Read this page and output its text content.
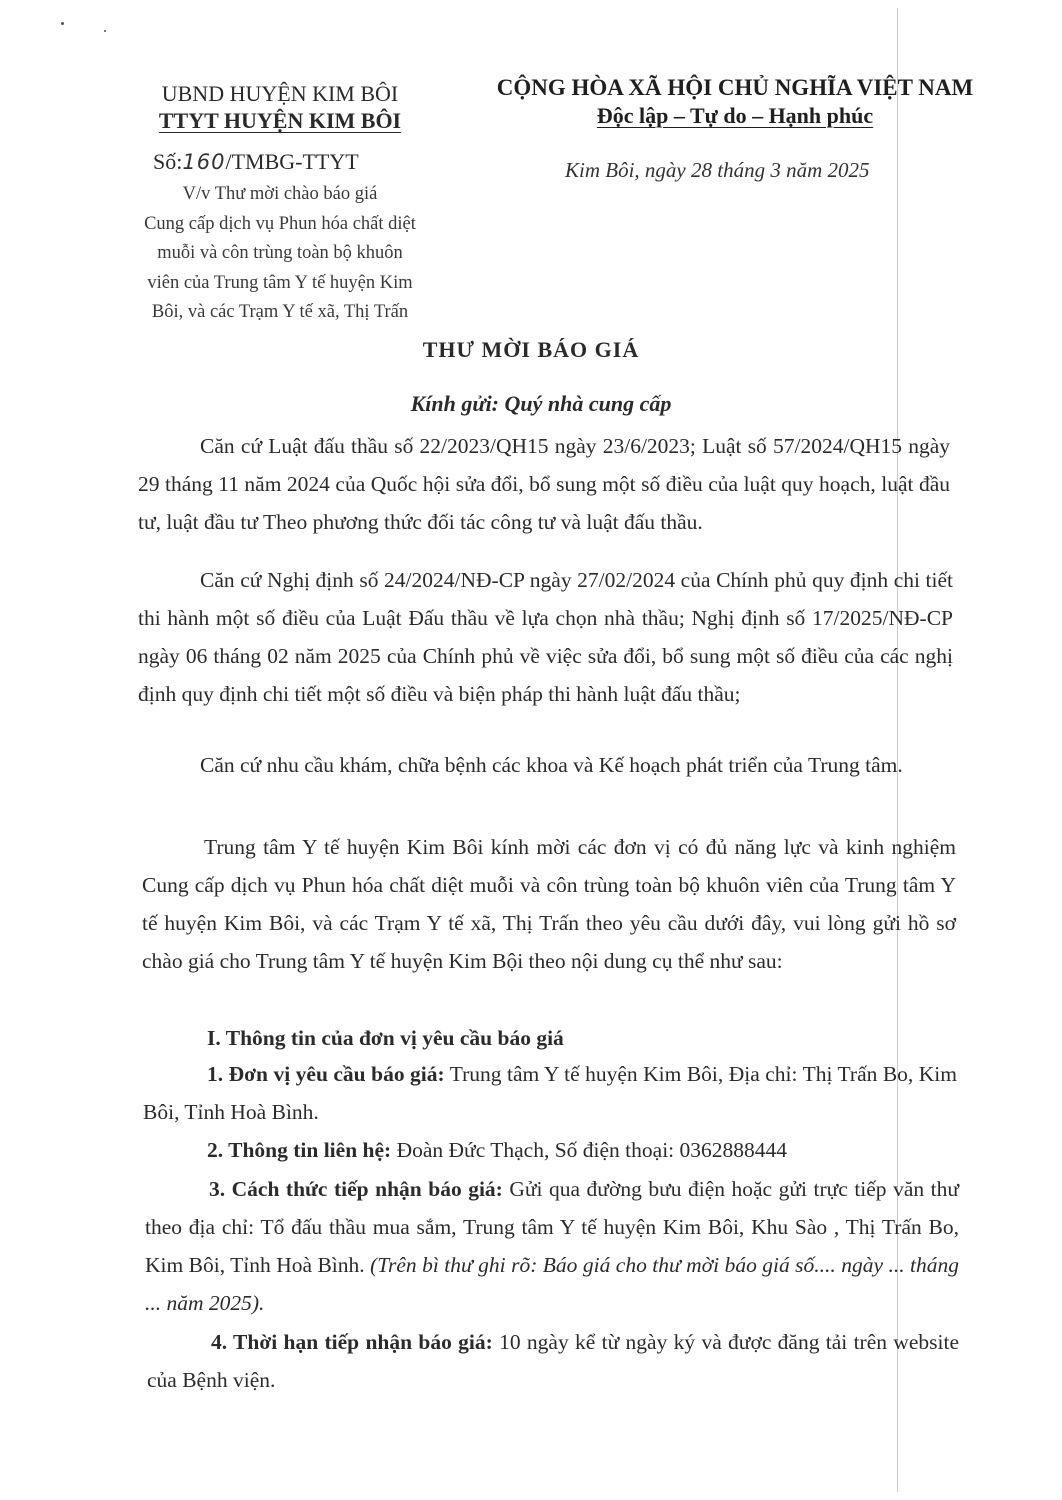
UBND HUYỆN KIM BÔI
TTYT HUYỆN KIM BÔI
CỘNG HÒA XÃ HỘI CHỦ NGHĨA VIỆT NAM
Độc lập – Tự do – Hạnh phúc
Số:160/TMBG-TTYT
V/v Thư mời chào báo giá
Cung cấp dịch vụ Phun hóa chất diệt
muỗi và côn trùng toàn bộ khuôn
viên của Trung tâm Y tế huyện Kim
Bôi, và các Trạm Y tế xã, Thị Trấn
Kim Bôi, ngày 28 tháng 3 năm 2025
THƯ MỜI BÁO GIÁ
Kính gửi: Quý nhà cung cấp
Căn cứ Luật đấu thầu số 22/2023/QH15 ngày 23/6/2023; Luật số 57/2024/QH15 ngày 29 tháng 11 năm 2024 của Quốc hội sửa đổi, bổ sung một số điều của luật quy hoạch, luật đầu tư, luật đầu tư Theo phương thức đối tác công tư và luật đấu thầu.
Căn cứ Nghị định số 24/2024/NĐ-CP ngày 27/02/2024 của Chính phủ quy định chi tiết thi hành một số điều của Luật Đấu thầu về lựa chọn nhà thầu; Nghị định số 17/2025/NĐ-CP ngày 06 tháng 02 năm 2025 của Chính phủ về việc sửa đổi, bổ sung một số điều của các nghị định quy định chi tiết một số điều và biện pháp thi hành luật đấu thầu;
Căn cứ nhu cầu khám, chữa bệnh các khoa và Kế hoạch phát triển của Trung tâm.
Trung tâm Y tế huyện Kim Bôi kính mời các đơn vị có đủ năng lực và kinh nghiệm Cung cấp dịch vụ Phun hóa chất diệt muỗi và côn trùng toàn bộ khuôn viên của Trung tâm Y tế huyện Kim Bôi, và các Trạm Y tế xã, Thị Trấn theo yêu cầu dưới đây, vui lòng gửi hồ sơ chào giá cho Trung tâm Y tế huyện Kim Bội theo nội dung cụ thể như sau:
I. Thông tin của đơn vị yêu cầu báo giá
1. Đơn vị yêu cầu báo giá: Trung tâm Y tế huyện Kim Bôi, Địa chỉ: Thị Trấn Bo, Kim Bôi, Tỉnh Hoà Bình.
2. Thông tin liên hệ: Đoàn Đức Thạch, Số điện thoại: 0362888444
3. Cách thức tiếp nhận báo giá: Gửi qua đường bưu điện hoặc gửi trực tiếp văn thư theo địa chỉ: Tổ đấu thầu mua sắm, Trung tâm Y tế huyện Kim Bôi, Khu Sào , Thị Trấn Bo, Kim Bôi, Tỉnh Hoà Bình. (Trên bì thư ghi rõ: Báo giá cho thư mời báo giá số.... ngày ... tháng ... năm 2025).
4. Thời hạn tiếp nhận báo giá: 10 ngày kể từ ngày ký và được đăng tải trên website của Bệnh viện.
